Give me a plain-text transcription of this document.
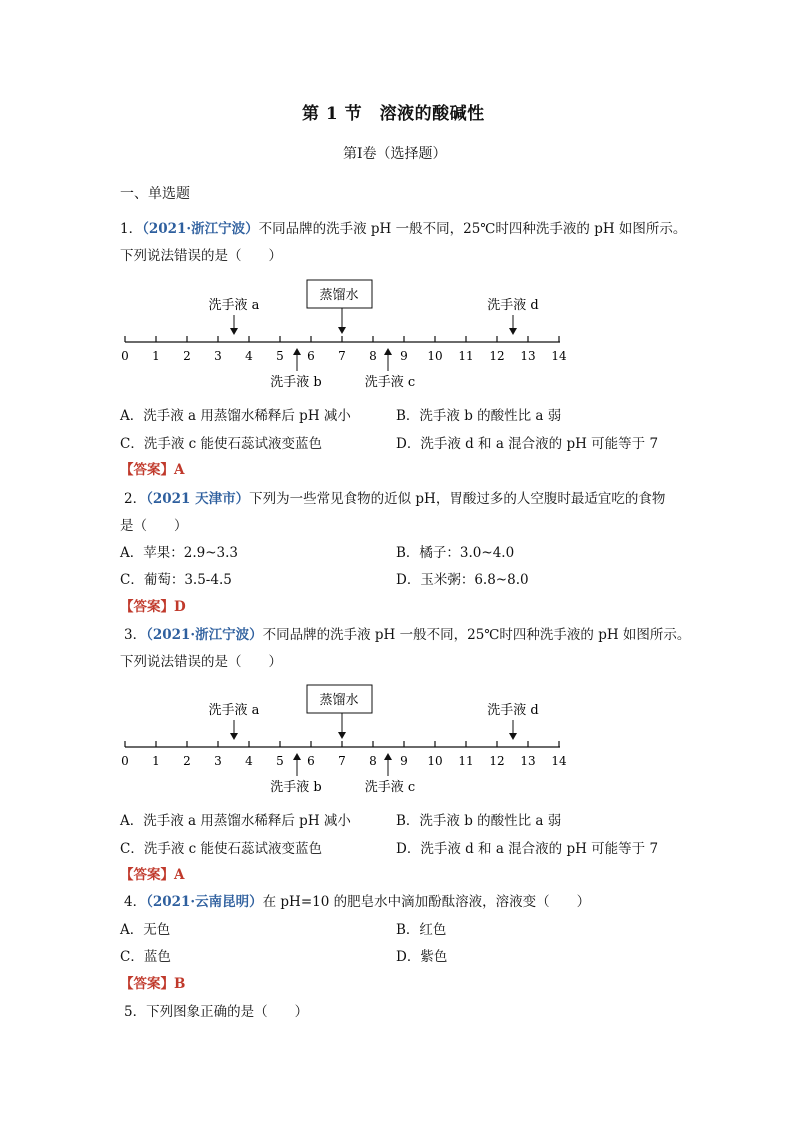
第 1 节　溶液的酸碱性
第Ⅰ卷（选择题）
一、单选题
1．（2021·浙江宁波）不同品牌的洗手液 pH 一般不同，25℃时四种洗手液的 pH 如图所示。
下列说法错误的是（　　）
0 1 2 3 4 5 6 7 8 9 10 11 12 13 14
蒸馏水
洗手液 a	洗手液 d
洗手液 b	洗手液 c
A．洗手液 a 用蒸馏水稀释后 pH 减小	B．洗手液 b 的酸性比 a 弱
C．洗手液 c 能使石蕊试液变蓝色	D．洗手液 d 和 a 混合液的 pH 可能等于 7
【答案】A
2．（2021 天津市）下列为一些常见食物的近似 pH，胃酸过多的人空腹时最适宜吃的食物
是（　　）
A．苹果：2.9~3.3	B．橘子：3.0~4.0
C．葡萄：3.5-4.5	D．玉米粥：6.8~8.0
【答案】D
3．（2021·浙江宁波）不同品牌的洗手液 pH 一般不同，25℃时四种洗手液的 pH 如图所示。
下列说法错误的是（　　）
0 1 2 3 4 5 6 7 8 9 10 11 12 13 14
蒸馏水
洗手液 a	洗手液 d
洗手液 b	洗手液 c
A．洗手液 a 用蒸馏水稀释后 pH 减小	B．洗手液 b 的酸性比 a 弱
C．洗手液 c 能使石蕊试液变蓝色	D．洗手液 d 和 a 混合液的 pH 可能等于 7
【答案】A
4．（2021·云南昆明）在 pH=10 的肥皂水中滴加酚酞溶液，溶液变（　　）
A．无色	B．红色
C．蓝色	D．紫色
【答案】B
5．下列图象正确的是（　　）
